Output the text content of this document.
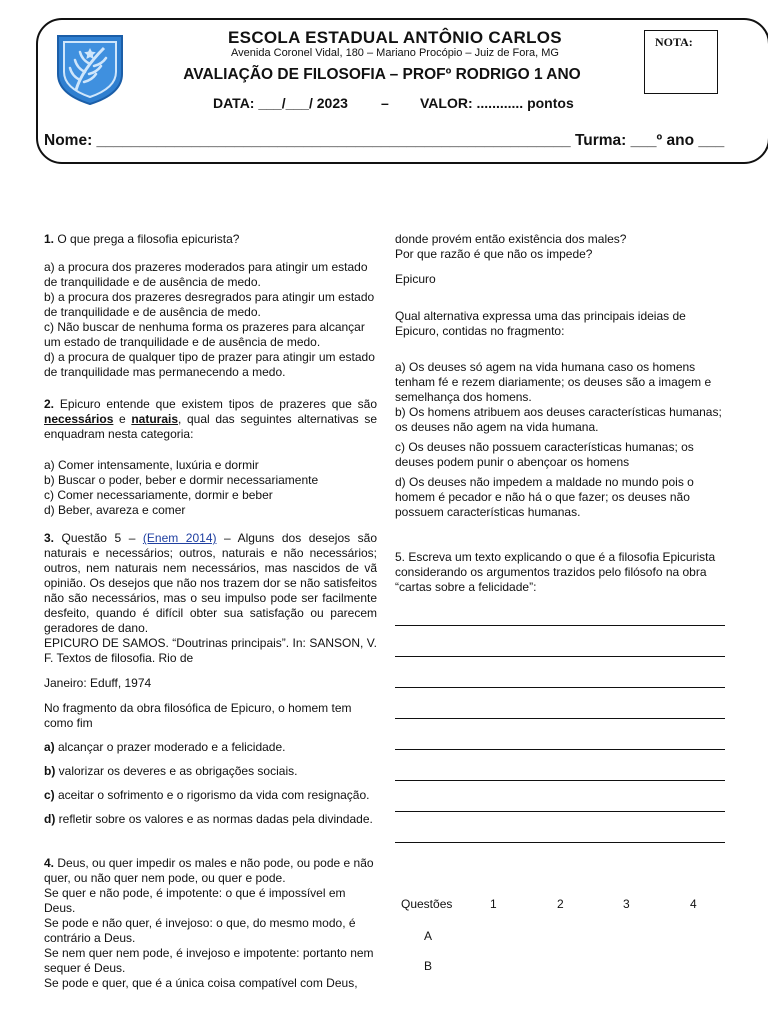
ESCOLA ESTADUAL ANTÔNIO CARLOS
Avenida Coronel Vidal, 180 – Mariano Procópio – Juiz de Fora, MG
AVALIAÇÃO DE FILOSOFIA – PROFº RODRIGO 1 ANO
DATA: ___/___/ 2023 – VALOR: ............ pontos
NOTA:
Nome: _______________________________________________________ Turma: ___º ano ___

1. O que prega a filosofia epicurista?

a) a procura dos prazeres moderados para atingir um estado de tranquilidade e de ausência de medo.

b) a procura dos prazeres desregrados para atingir um estado de tranquilidade e de ausência de medo.

c) Não buscar de nenhuma forma os prazeres para alcançar um estado de tranquilidade e de ausência de medo.

d) a procura de qualquer tipo de prazer para atingir um estado de tranquilidade mas permanecendo a medo.

2. Epicuro entende que existem tipos de prazeres que são necessários e naturais, qual das seguintes alternativas se enquadram nesta categoria:

a) Comer intensamente, luxúria e dormir

b) Buscar o poder, beber e dormir necessariamente

c) Comer necessariamente, dormir e beber

d) Beber, avareza e comer

3. Questão 5 – (Enem 2014) – Alguns dos desejos são naturais e necessários; outros, naturais e não necessários; outros, nem naturais nem necessários, mas nascidos de vã opinião. Os desejos que não nos trazem dor se não satisfeitos não são necessários, mas o seu impulso pode ser facilmente desfeito, quando é difícil obter sua satisfação ou parecem geradores de dano.

EPICURO DE SAMOS. “Doutrinas principais”. In: SANSON, V. F. Textos de filosofia. Rio de

Janeiro: Eduff, 1974

No fragmento da obra filosófica de Epicuro, o homem tem como fim

a) alcançar o prazer moderado e a felicidade.

b) valorizar os deveres e as obrigações sociais.

c) aceitar o sofrimento e o rigorismo da vida com resignação.

d) refletir sobre os valores e as normas dadas pela divindade.

4. Deus, ou quer impedir os males e não pode, ou pode e não quer, ou não quer nem pode, ou quer e pode.

Se quer e não pode, é impotente: o que é impossível em Deus.

Se pode e não quer, é invejoso: o que, do mesmo modo, é contrário a Deus.

Se nem quer nem pode, é invejoso e impotente: portanto nem sequer é Deus.

Se pode e quer, que é a única coisa compatível com Deus,

donde provém então existência dos males?

Por que razão é que não os impede?

Epicuro

Qual alternativa expressa uma das principais ideias de Epicuro, contidas no fragmento:

a) Os deuses só agem na vida humana caso os homens tenham fé e rezem diariamente; os deuses são a imagem e semelhança dos homens.

b) Os homens atribuem aos deuses características humanas; os deuses não agem na vida humana.

c) Os deuses não possuem características humanas; os deuses podem punir o abençoar os homens

d) Os deuses não impedem a maldade no mundo pois o homem é pecador e não há o que fazer; os deuses não possuem características humanas.

5. Escreva um texto explicando o que é a filosofia Epicurista considerando os argumentos trazidos pelo filósofo na obra “cartas sobre a felicidade”:

Questões	1	2	3	4
A
B
